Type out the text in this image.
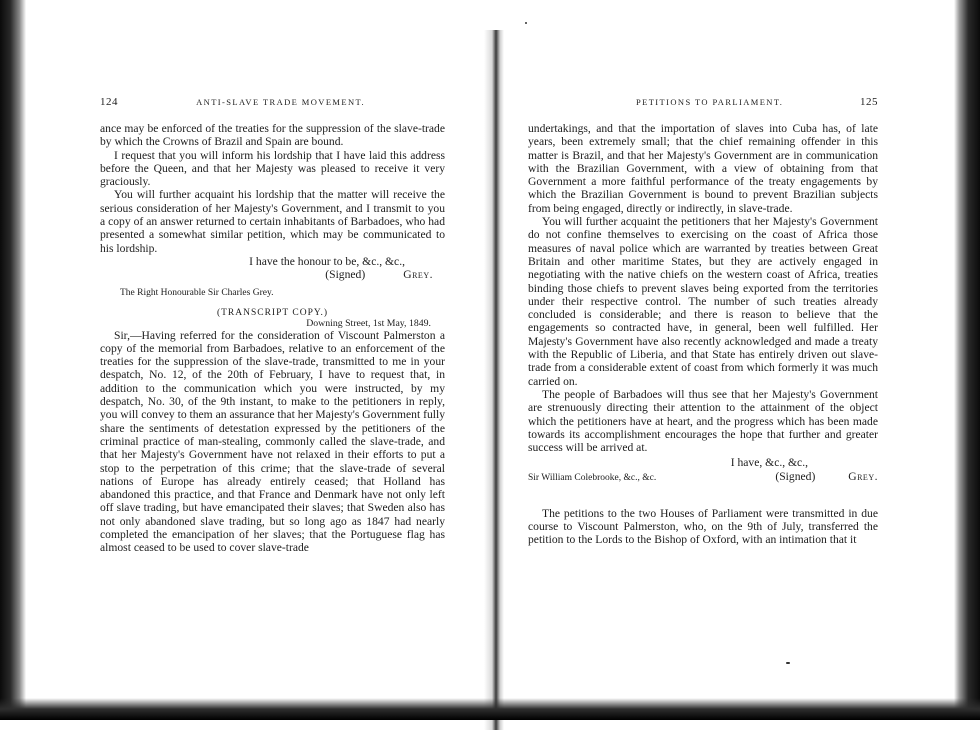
124	ANTI-SLAVE TRADE MOVEMENT.

ance may be enforced of the treaties for the suppression of the slave-trade by which the Crowns of Brazil and Spain are bound.

I request that you will inform his lordship that I have laid this address before the Queen, and that her Majesty was pleased to receive it very graciously.

You will further acquaint his lordship that the matter will receive the serious consideration of her Majesty's Government, and I transmit to you a copy of an answer returned to certain inhabitants of Barbadoes, who had presented a somewhat similar petition, which may be communicated to his lordship.

I have the honour to be, &c., &c.,
(Signed)	Grey.
The Right Honourable Sir Charles Grey.
(TRANSCRIPT COPY.)
Downing Street, 1st May, 1849.

Sir,—Having referred for the consideration of Viscount Palmerston a copy of the memorial from Barbadoes, relative to an enforcement of the treaties for the suppression of the slave-trade, transmitted to me in your despatch, No. 12, of the 20th of February, I have to request that, in addition to the communication which you were instructed, by my despatch, No. 30, of the 9th instant, to make to the petitioners in reply, you will convey to them an assurance that her Majesty's Government fully share the sentiments of detestation expressed by the petitioners of the criminal practice of man-stealing, commonly called the slave-trade, and that her Majesty's Government have not relaxed in their efforts to put a stop to the perpetration of this crime; that the slave-trade of several nations of Europe has already entirely ceased; that Holland has abandoned this practice, and that France and Denmark have not only left off slave trading, but have emancipated their slaves; that Sweden also has not only abandoned slave trading, but so long ago as 1847 had nearly completed the emancipation of her slaves; that the Portuguese flag has almost ceased to be used to cover slave-trade

PETITIONS TO PARLIAMENT.	125

undertakings, and that the importation of slaves into Cuba has, of late years, been extremely small; that the chief remaining offender in this matter is Brazil, and that her Majesty's Government are in communication with the Brazilian Government, with a view of obtaining from that Government a more faithful performance of the treaty engagements by which the Brazilian Government is bound to prevent Brazilian subjects from being engaged, directly or indirectly, in slave-trade.

You will further acquaint the petitioners that her Majesty's Government do not confine themselves to exercising on the coast of Africa those measures of naval police which are warranted by treaties between Great Britain and other maritime States, but they are actively engaged in negotiating with the native chiefs on the western coast of Africa, treaties binding those chiefs to prevent slaves being exported from the territories under their respective control. The number of such treaties already concluded is considerable; and there is reason to believe that the engagements so contracted have, in general, been well fulfilled. Her Majesty's Government have also recently acknowledged and made a treaty with the Republic of Liberia, and that State has entirely driven out slave-trade from a considerable extent of coast from which formerly it was much carried on.

The people of Barbadoes will thus see that her Majesty's Government are strenuously directing their attention to the attainment of the object which the petitioners have at heart, and the progress which has been made towards its accomplishment encourages the hope that further and greater success will be arrived at.

I have, &c., &c.,
Sir William Colebrooke, &c., &c.	(Signed)	Grey.

The petitions to the two Houses of Parliament were transmitted in due course to Viscount Palmerston, who, on the 9th of July, transferred the petition to the Lords to the Bishop of Oxford, with an intimation that it
